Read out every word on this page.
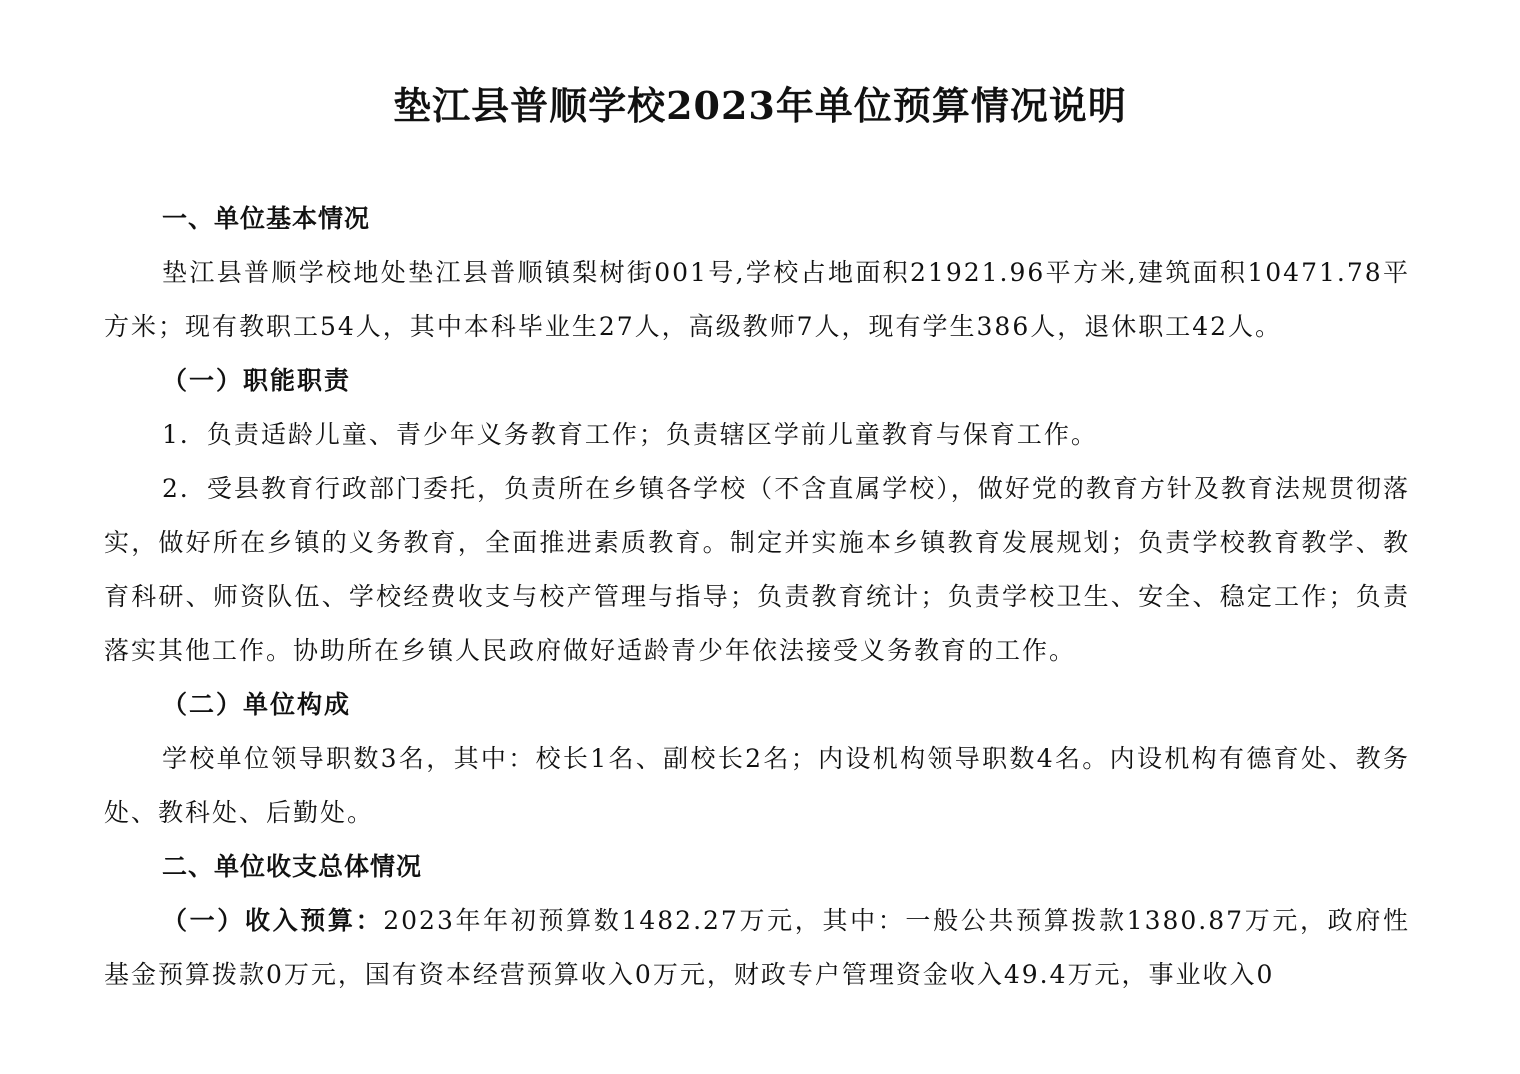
垫江县普顺学校2023年单位预算情况说明

一、单位基本情况

垫江县普顺学校地处垫江县普顺镇梨树街001号,学校占地面积21921.96平方米,建筑面积10471.78平方米；现有教职工54人，其中本科毕业生27人，高级教师7人，现有学生386人，退休职工42人。

（一）职能职责

1．负责适龄儿童、青少年义务教育工作；负责辖区学前儿童教育与保育工作。

2．受县教育行政部门委托，负责所在乡镇各学校（不含直属学校），做好党的教育方针及教育法规贯彻落实，做好所在乡镇的义务教育，全面推进素质教育。制定并实施本乡镇教育发展规划；负责学校教育教学、教育科研、师资队伍、学校经费收支与校产管理与指导；负责教育统计；负责学校卫生、安全、稳定工作；负责落实其他工作。协助所在乡镇人民政府做好适龄青少年依法接受义务教育的工作。

（二）单位构成

学校单位领导职数3名，其中：校长1名、副校长2名；内设机构领导职数4名。内设机构有德育处、教务处、教科处、后勤处。

二、单位收支总体情况

（一）收入预算：2023年年初预算数1482.27万元，其中：一般公共预算拨款1380.87万元，政府性基金预算拨款0万元，国有资本经营预算收入0万元，财政专户管理资金收入49.4万元，事业收入0
